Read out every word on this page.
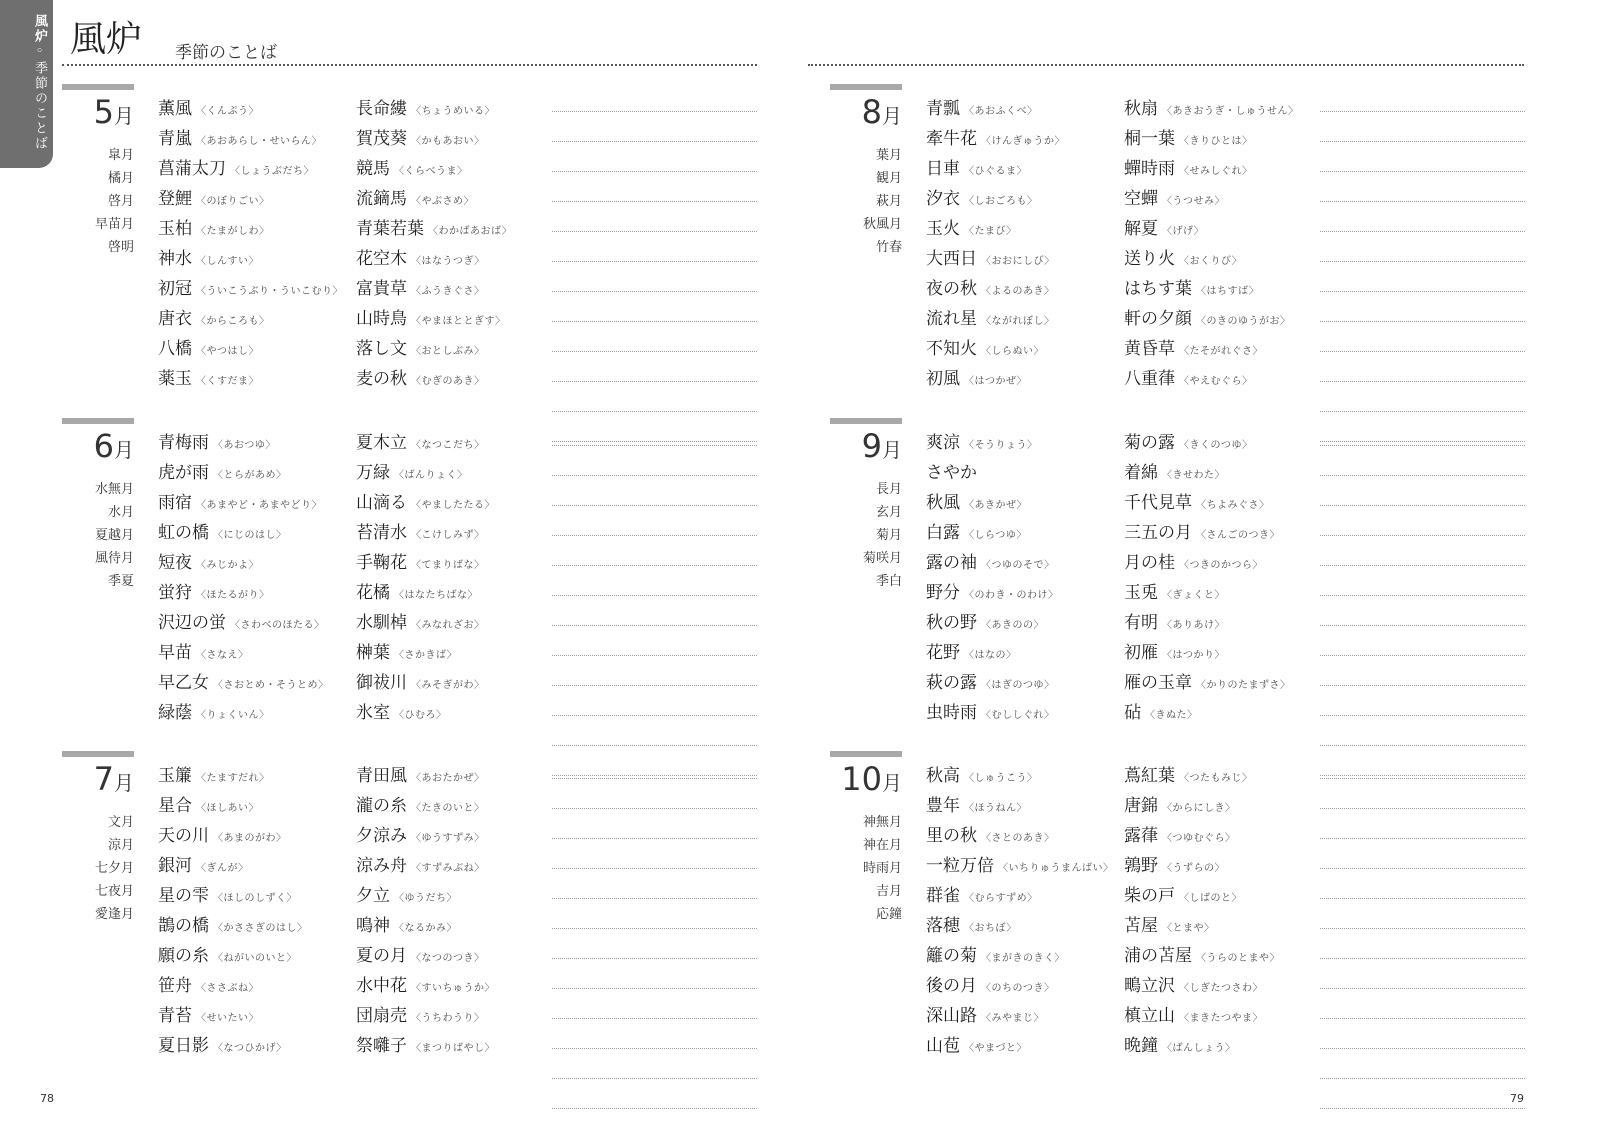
風炉◦季節のことば
風炉 季節のことば
5月
皐月
橘月
啓月
早苗月
啓明
薫風 〈くんぷう〉
青嵐 〈あおあらし・せいらん〉
菖蒲太刀 〈しょうぶだち〉
登鯉 〈のぼりごい〉
玉柏 〈たまがしわ〉
神水 〈しんすい〉
初冠 〈ういこうぶり・ういこむり〉
唐衣 〈からころも〉
八橋 〈やつはし〉
薬玉 〈くすだま〉
長命縷 〈ちょうめいる〉
賀茂葵 〈かもあおい〉
競馬 〈くらべうま〉
流鏑馬 〈やぶさめ〉
青葉若葉 〈わかばあおば〉
花空木 〈はなうつぎ〉
富貴草 〈ふうきぐさ〉
山時鳥 〈やまほととぎす〉
落し文 〈おとしぶみ〉
麦の秋 〈むぎのあき〉
6月
水無月
水月
夏越月
風待月
季夏
青梅雨 〈あおつゆ〉
虎が雨 〈とらがあめ〉
雨宿 〈あまやど・あまやどり〉
虹の橋 〈にじのはし〉
短夜 〈みじかよ〉
蛍狩 〈ほたるがり〉
沢辺の蛍 〈さわべのほたる〉
早苗 〈さなえ〉
早乙女 〈さおとめ・そうとめ〉
緑蔭 〈りょくいん〉
夏木立 〈なつこだち〉
万緑 〈ばんりょく〉
山滴る 〈やましたたる〉
苔清水 〈こけしみず〉
手鞠花 〈てまりばな〉
花橘 〈はなたちばな〉
水馴棹 〈みなれざお〉
榊葉 〈さかきば〉
御祓川 〈みそぎがわ〉
氷室 〈ひむろ〉
7月
文月
涼月
七夕月
七夜月
愛逢月
玉簾 〈たますだれ〉
星合 〈ほしあい〉
天の川 〈あまのがわ〉
銀河 〈ぎんが〉
星の雫 〈ほしのしずく〉
鵲の橋 〈かささぎのはし〉
願の糸 〈ねがいのいと〉
笹舟 〈ささぶね〉
青苔 〈せいたい〉
夏日影 〈なつひかげ〉
青田風 〈あおたかぜ〉
瀧の糸 〈たきのいと〉
夕涼み 〈ゆうすずみ〉
涼み舟 〈すずみぶね〉
夕立 〈ゆうだち〉
鳴神 〈なるかみ〉
夏の月 〈なつのつき〉
水中花 〈すいちゅうか〉
団扇売 〈うちわうり〉
祭囃子 〈まつりばやし〉
8月
葉月
観月
萩月
秋風月
竹春
青瓢 〈あおふくべ〉
牽牛花 〈けんぎゅうか〉
日車 〈ひぐるま〉
汐衣 〈しおごろも〉
玉火 〈たまび〉
大西日 〈おおにしび〉
夜の秋 〈よるのあき〉
流れ星 〈ながれぼし〉
不知火 〈しらぬい〉
初風 〈はつかぜ〉
秋扇 〈あきおうぎ・しゅうせん〉
桐一葉 〈きりひとは〉
蟬時雨 〈せみしぐれ〉
空蟬 〈うつせみ〉
解夏 〈げげ〉
送り火 〈おくりび〉
はちす葉 〈はちすば〉
軒の夕顔 〈のきのゆうがお〉
黄昏草 〈たそがれぐさ〉
八重葎 〈やえむぐら〉
9月
長月
玄月
菊月
菊咲月
季白
爽涼 〈そうりょう〉
さやか
秋風 〈あきかぜ〉
白露 〈しらつゆ〉
露の袖 〈つゆのそで〉
野分 〈のわき・のわけ〉
秋の野 〈あきのの〉
花野 〈はなの〉
萩の露 〈はぎのつゆ〉
虫時雨 〈むししぐれ〉
菊の露 〈きくのつゆ〉
着綿 〈きせわた〉
千代見草 〈ちよみぐさ〉
三五の月 〈さんごのつき〉
月の桂 〈つきのかつら〉
玉兎 〈ぎょくと〉
有明 〈ありあけ〉
初雁 〈はつかり〉
雁の玉章 〈かりのたまずさ〉
砧 〈きぬた〉
10月
神無月
神在月
時雨月
吉月
応鐘
秋高 〈しゅうこう〉
豊年 〈ほうねん〉
里の秋 〈さとのあき〉
一粒万倍 〈いちりゅうまんばい〉
群雀 〈むらすずめ〉
落穂 〈おちぼ〉
籬の菊 〈まがきのきく〉
後の月 〈のちのつき〉
深山路 〈みやまじ〉
山苞 〈やまづと〉
蔦紅葉 〈つたもみじ〉
唐錦 〈からにしき〉
露葎 〈つゆむぐら〉
鶉野 〈うずらの〉
柴の戸 〈しばのと〉
苫屋 〈とまや〉
浦の苫屋 〈うらのとまや〉
鴫立沢 〈しぎたつさわ〉
槙立山 〈まきたつやま〉
晩鐘 〈ばんしょう〉
78	79
